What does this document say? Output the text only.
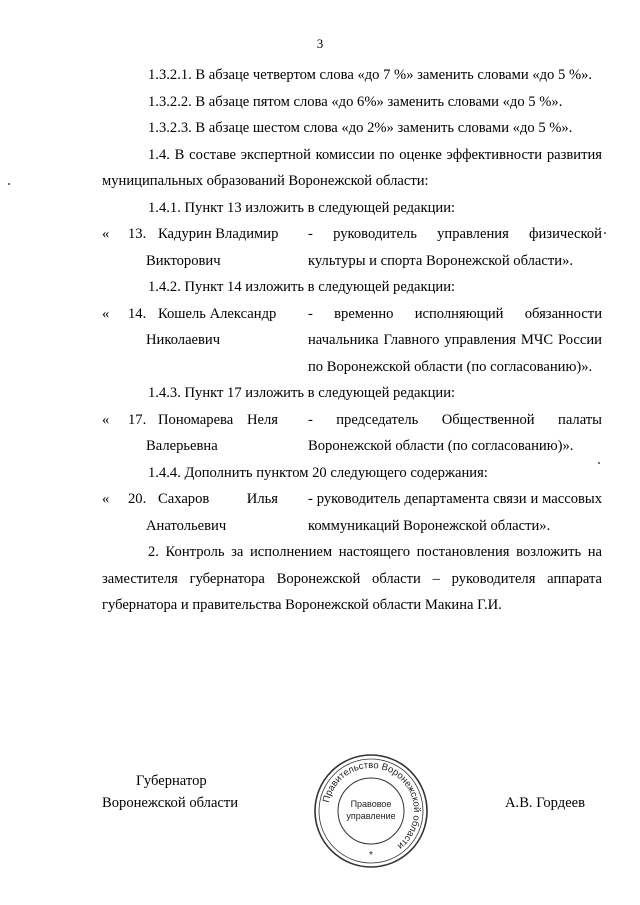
3
1.3.2.1. В абзаце четвертом слова «до 7 %» заменить словами «до 5 %».
1.3.2.2. В абзаце пятом слова «до 6%» заменить словами «до 5 %».
1.3.2.3. В абзаце шестом слова «до 2%» заменить словами «до 5 %».
1.4. В составе экспертной комиссии по оценке эффективности развития муниципальных образований Воронежской области:
1.4.1. Пункт 13 изложить в следующей редакции:
« 13. Кадурин Владимир
Викторович
- руководитель управления физической культуры и спорта Воронежской области».
1.4.2. Пункт 14 изложить в следующей редакции:
« 14. Кошель Александр
Николаевич
- временно исполняющий обязанности начальника Главного управления МЧС России по Воронежской области (по согласованию)».
1.4.3. Пункт 17 изложить в следующей редакции:
« 17. Пономарева Неля
Валерьевна
- председатель Общественной палаты Воронежской области (по согласованию)».
1.4.4. Дополнить пунктом 20 следующего содержания:
« 20. Сахаров	Илья
Анатольевич
- руководитель департамента связи и массовых коммуникаций Воронежской области».
2. Контроль за исполнением настоящего постановления возложить на заместителя губернатора Воронежской области – руководителя аппарата губернатора и правительства Воронежской области Макина Г.И.
Губернатор
Воронежской области	Правительство Воронежской области
Правовое
управление
*
А.В. Гордеев
